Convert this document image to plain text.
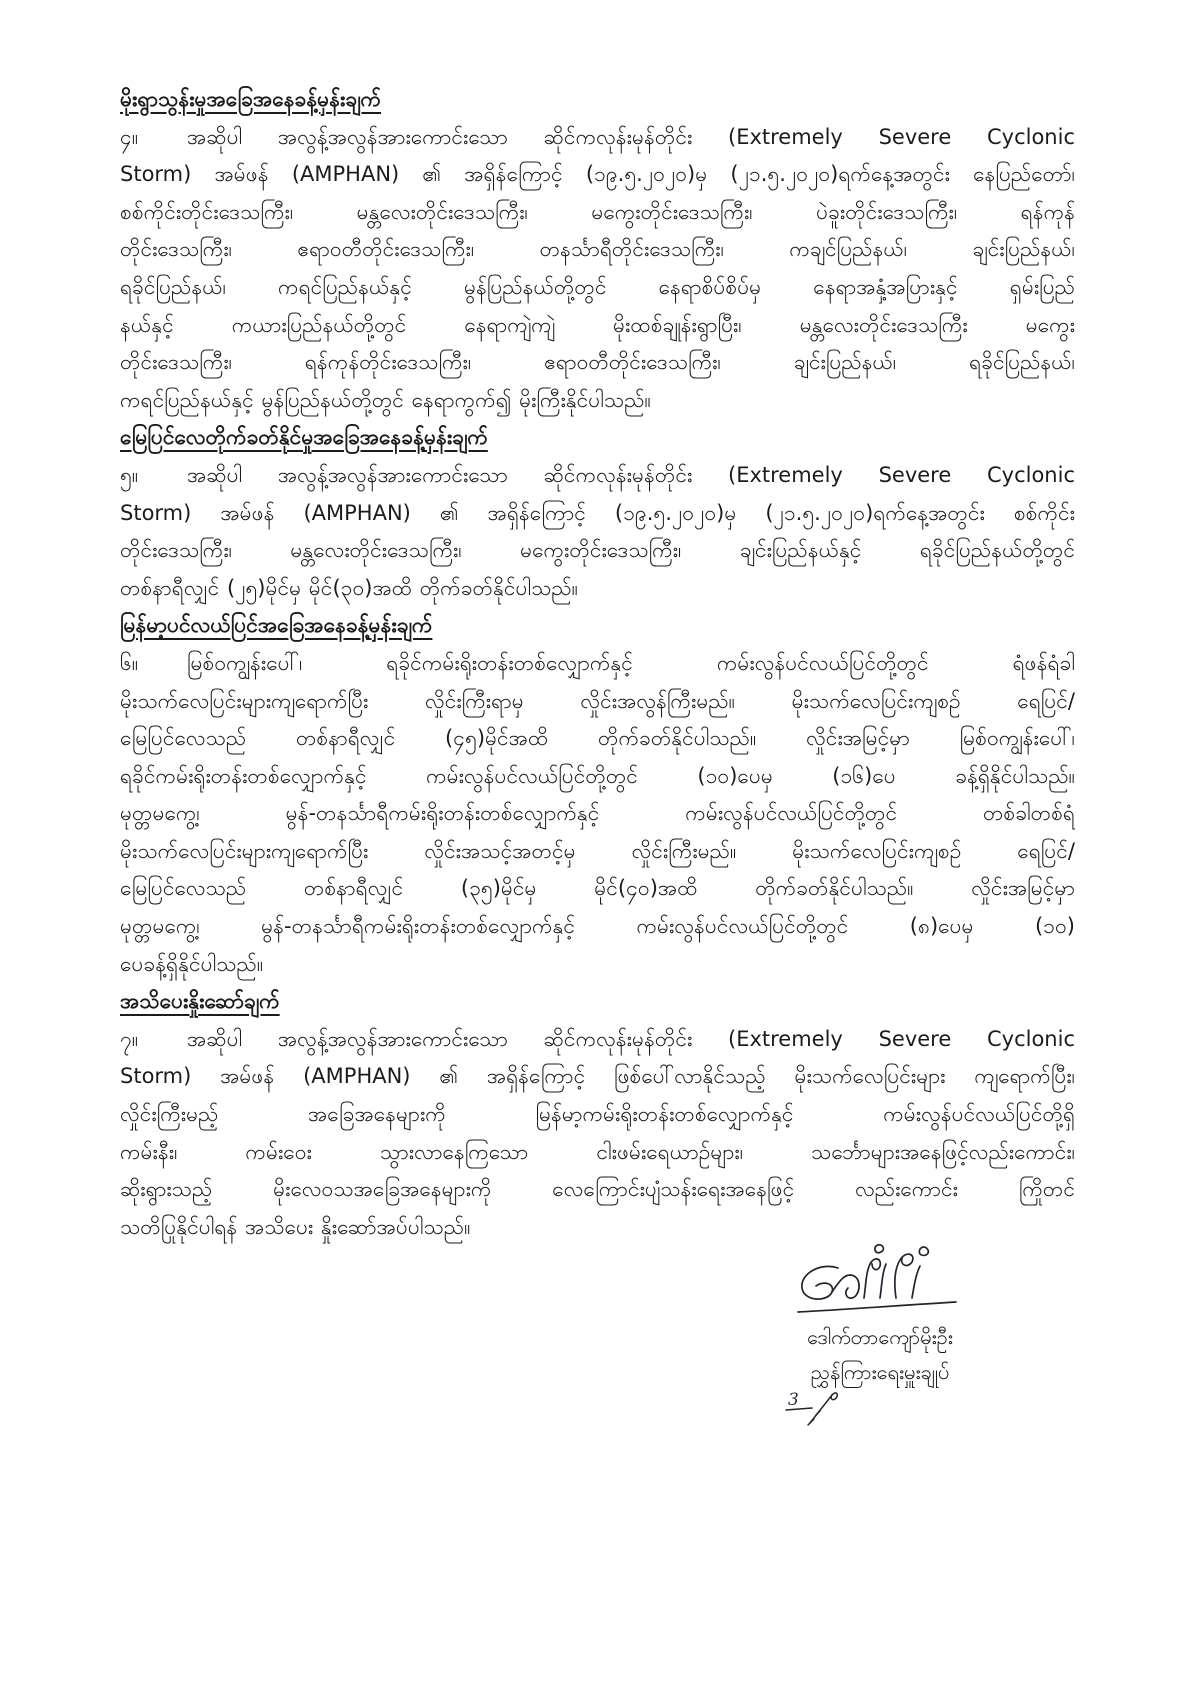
မိုးရွာသွန်းမှုအခြေအနေခန့်မှန်းချက်
၄။ အဆိုပါ အလွန့်အလွန်အားကောင်းသော ဆိုင်ကလုန်းမုန်တိုင်း (Extremely Severe Cyclonic
Storm) အမ်ဖန် (AMPHAN) ၏ အရှိန်ကြောင့် (၁၉.၅.၂၀၂၀)မှ (၂၁.၅.၂၀၂၀)ရက်နေ့အတွင်း နေပြည်တော်၊
စစ်ကိုင်းတိုင်းဒေသကြီး၊ မန္တလေးတိုင်းဒေသကြီး၊ မကွေးတိုင်းဒေသကြီး၊ ပဲခူးတိုင်းဒေသကြီး၊ ရန်ကုန်
တိုင်းဒေသကြီး၊ ဧရာဝတီတိုင်းဒေသကြီး၊ တနင်္သာရီတိုင်းဒေသကြီး၊ ကချင်ပြည်နယ်၊ ချင်းပြည်နယ်၊
ရခိုင်ပြည်နယ်၊ ကရင်ပြည်နယ်နှင့် မွန်ပြည်နယ်တို့တွင် နေရာစိပ်စိပ်မှ နေရာအနှံ့အပြားနှင့် ရှမ်းပြည်
နယ်နှင့် ကယားပြည်နယ်တို့တွင် နေရာကျဲကျဲ မိုးထစ်ချုန်းရွာပြီး၊ မန္တလေးတိုင်းဒေသကြီး မကွေး
တိုင်းဒေသကြီး၊ ရန်ကုန်တိုင်းဒေသကြီး၊ ဧရာဝတီတိုင်းဒေသကြီး၊ ချင်းပြည်နယ်၊ ရခိုင်ပြည်နယ်၊
ကရင်ပြည်နယ်နှင့် မွန်ပြည်နယ်တို့တွင် နေရာကွက်၍ မိုးကြီးနိုင်ပါသည်။
မြေပြင်လေတိုက်ခတ်နိုင်မှုအခြေအနေခန့်မှန်းချက်
၅။ အဆိုပါ အလွန့်အလွန်အားကောင်းသော ဆိုင်ကလုန်းမုန်တိုင်း (Extremely Severe Cyclonic
Storm) အမ်ဖန် (AMPHAN) ၏ အရှိန်ကြောင့် (၁၉.၅.၂၀၂၀)မှ (၂၁.၅.၂၀၂၀)ရက်နေ့အတွင်း စစ်ကိုင်း
တိုင်းဒေသကြီး၊ မန္တလေးတိုင်းဒေသကြီး၊ မကွေးတိုင်းဒေသကြီး၊ ချင်းပြည်နယ်နှင့် ရခိုင်ပြည်နယ်တို့တွင်
တစ်နာရီလျှင် (၂၅)မိုင်မှ မိုင်(၃၀)အထိ တိုက်ခတ်နိုင်ပါသည်။
မြန်မာ့ပင်လယ်ပြင်အခြေအနေခန့်မှန်းချက်
၆။ မြစ်ဝကျွန်းပေါ်၊ ရခိုင်ကမ်းရိုးတန်းတစ်လျှောက်နှင့် ကမ်းလွန်ပင်လယ်ပြင်တို့တွင် ရံဖန်ရံခါ
မိုးသက်လေပြင်းများကျရောက်ပြီး လှိုင်းကြီးရာမှ လှိုင်းအလွန်ကြီးမည်။ မိုးသက်လေပြင်းကျစဉ် ရေပြင်/
မြေပြင်လေသည် တစ်နာရီလျှင် (၄၅)မိုင်အထိ တိုက်ခတ်နိုင်ပါသည်။ လှိုင်းအမြင့်မှာ မြစ်ဝကျွန်းပေါ်၊
ရခိုင်ကမ်းရိုးတန်းတစ်လျှောက်နှင့် ကမ်းလွန်ပင်လယ်ပြင်တို့တွင် (၁၀)ပေမှ (၁၆)ပေ ခန့်ရှိနိုင်ပါသည်။
မုတ္တမကွေ့၊ မွန်-တနင်္သာရီကမ်းရိုးတန်းတစ်လျှောက်နှင့် ကမ်းလွန်ပင်လယ်ပြင်တို့တွင် တစ်ခါတစ်ရံ
မိုးသက်လေပြင်းများကျရောက်ပြီး လှိုင်းအသင့်အတင့်မှ လှိုင်းကြီးမည်။ မိုးသက်လေပြင်းကျစဉ် ရေပြင်/
မြေပြင်လေသည် တစ်နာရီလျှင် (၃၅)မိုင်မှ မိုင်(၄၀)အထိ တိုက်ခတ်နိုင်ပါသည်။ လှိုင်းအမြင့်မှာ
မုတ္တမကွေ့၊ မွန်-တနင်္သာရီကမ်းရိုးတန်းတစ်လျှောက်နှင့် ကမ်းလွန်ပင်လယ်ပြင်တို့တွင် (၈)ပေမှ (၁၀)
ပေခန့်ရှိနိုင်ပါသည်။
အသိပေးနှိုးဆော်ချက်
၇။ အဆိုပါ အလွန့်အလွန်အားကောင်းသော ဆိုင်ကလုန်းမုန်တိုင်း (Extremely Severe Cyclonic
Storm) အမ်ဖန် (AMPHAN) ၏ အရှိန်ကြောင့် ဖြစ်ပေါ်လာနိုင်သည့် မိုးသက်လေပြင်းများ ကျရောက်ပြီး၊
လှိုင်းကြီးမည့် အခြေအနေများကို မြန်မာ့ကမ်းရိုးတန်းတစ်လျှောက်နှင့် ကမ်းလွန်ပင်လယ်ပြင်တို့ရှိ
ကမ်းနီး၊ ကမ်းဝေး သွားလာနေကြသော ငါးဖမ်းရေယာဉ်များ၊ သင်္ဘောများအနေဖြင့်လည်းကောင်း၊
ဆိုးရွားသည့် မိုးလေဝသအခြေအနေများကို လေကြောင်းပျံသန်းရေးအနေဖြင့် လည်းကောင်း ကြိုတင်
သတိပြုနိုင်ပါရန် အသိပေး နှိုးဆော်အပ်ပါသည်။
ဒေါက်တာကျော်မိုးဦး
ညွှန်ကြားရေးမှူးချုပ်
3
